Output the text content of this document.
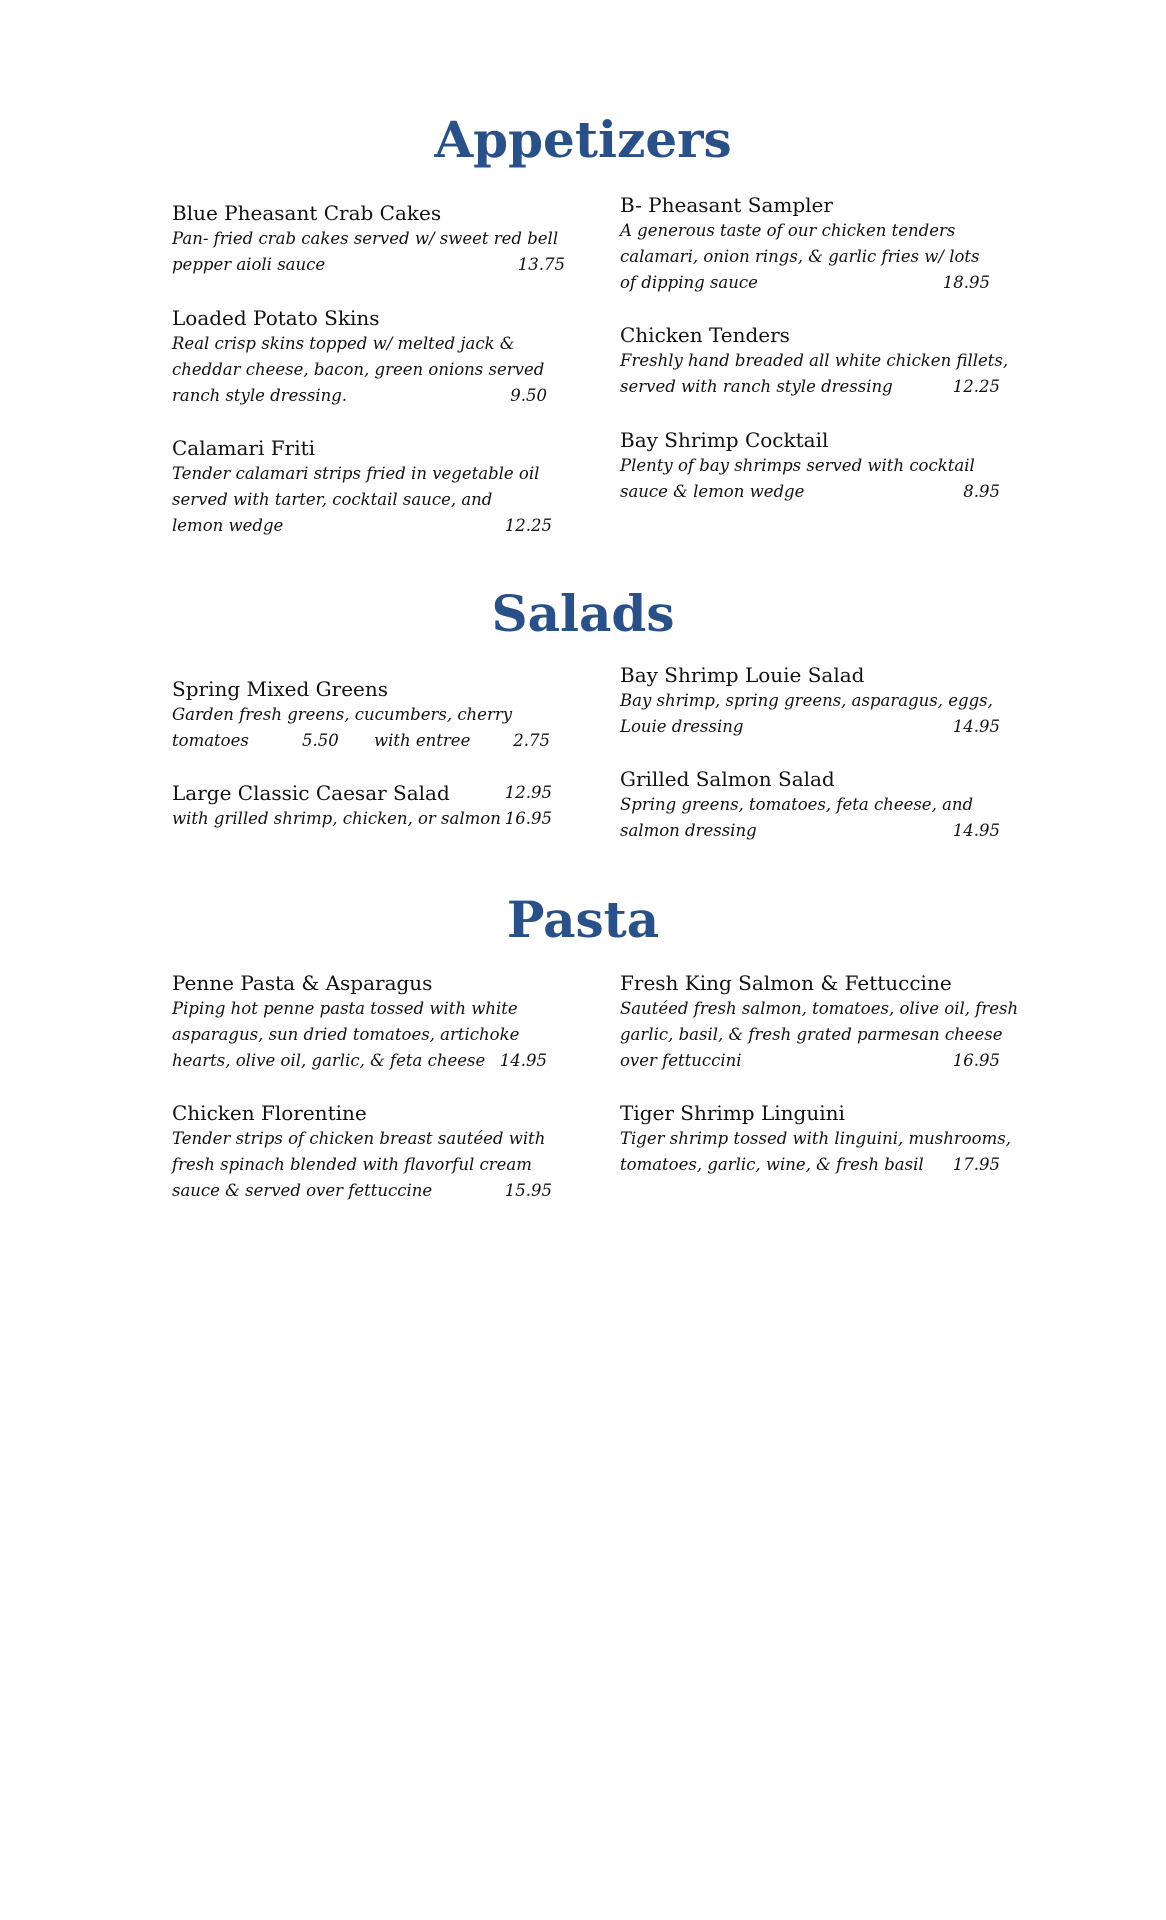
Appetizers
Blue Pheasant Crab Cakes
Pan- fried crab cakes served w/ sweet red bell
pepper aioli sauce	13.75
Loaded Potato Skins
Real crisp skins topped w/ melted jack &
cheddar cheese, bacon, green onions served
ranch style dressing.	9.50
Calamari Friti
Tender calamari strips fried in vegetable oil
served with tarter, cocktail sauce, and
lemon wedge	12.25
B- Pheasant Sampler
A generous taste of our chicken tenders
calamari, onion rings, & garlic fries w/ lots
of dipping sauce	18.95
Chicken Tenders
Freshly hand breaded all white chicken fillets,
served with ranch style dressing	12.25
Bay Shrimp Cocktail
Plenty of bay shrimps served with cocktail
sauce & lemon wedge	8.95
Salads
Spring Mixed Greens
Garden fresh greens, cucumbers, cherry
tomatoes	5.50	with entree	2.75
Large Classic Caesar Salad	12.95
with grilled shrimp, chicken, or salmon 16.95
Bay Shrimp Louie Salad
Bay shrimp, spring greens, asparagus, eggs,
Louie dressing	14.95
Grilled Salmon Salad
Spring greens, tomatoes, feta cheese, and
salmon dressing	14.95
Pasta
Penne Pasta & Asparagus
Piping hot penne pasta tossed with white
asparagus, sun dried tomatoes, artichoke
hearts, olive oil, garlic, & feta cheese 14.95
Chicken Florentine
Tender strips of chicken breast sautéed with
fresh spinach blended with flavorful cream
sauce & served over fettuccine	15.95
Fresh King Salmon & Fettuccine
Sautéed fresh salmon, tomatoes, olive oil, fresh
garlic, basil, & fresh grated parmesan cheese
over fettuccini	16.95
Tiger Shrimp Linguini
Tiger shrimp tossed with linguini, mushrooms,
tomatoes, garlic, wine, & fresh basil 17.95
